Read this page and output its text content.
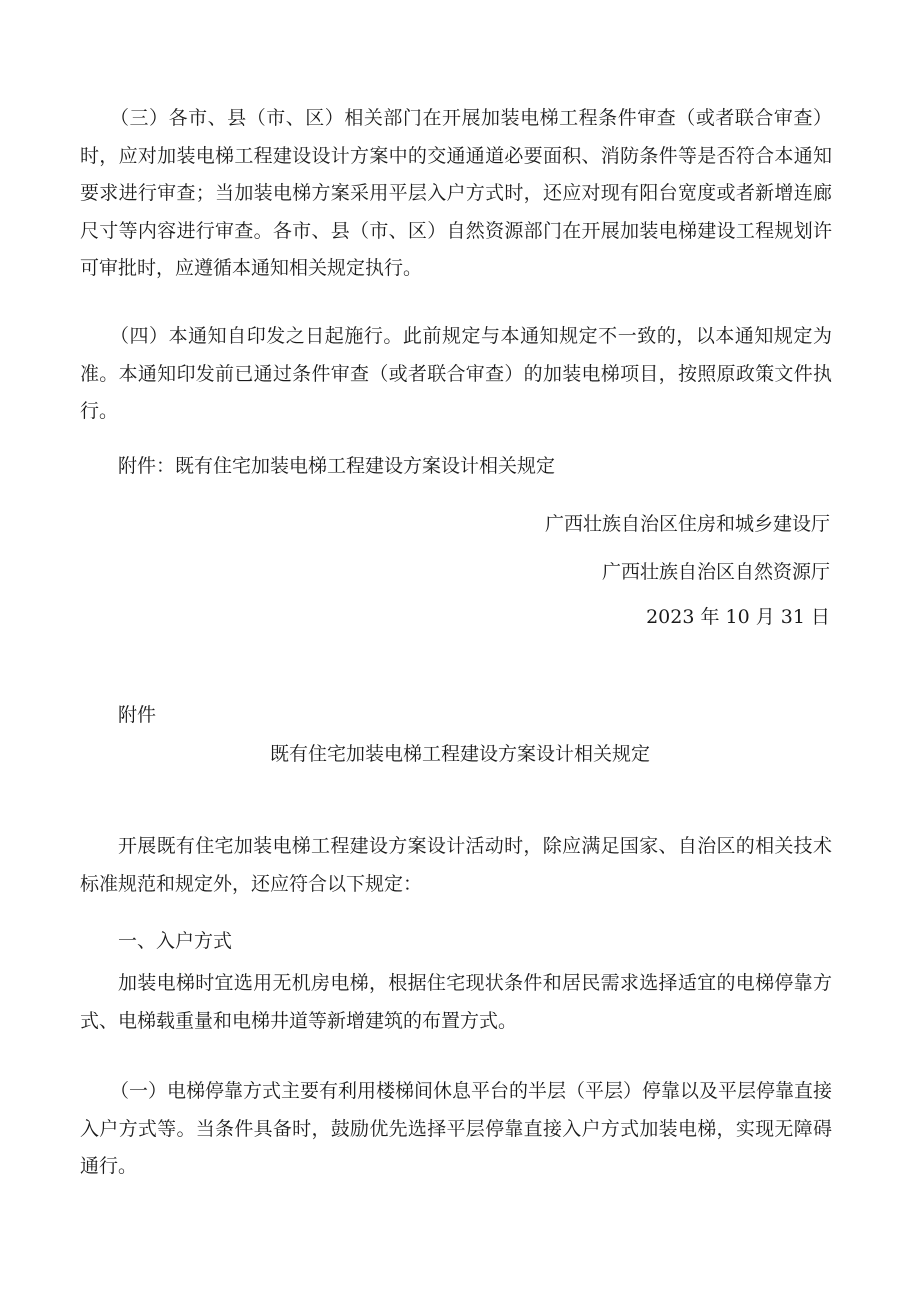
（三）各市、县（市、区）相关部门在开展加装电梯工程条件审查（或者联合审查）时，应对加装电梯工程建设设计方案中的交通通道必要面积、消防条件等是否符合本通知要求进行审查；当加装电梯方案采用平层入户方式时，还应对现有阳台宽度或者新增连廊尺寸等内容进行审查。各市、县（市、区）自然资源部门在开展加装电梯建设工程规划许可审批时，应遵循本通知相关规定执行。

（四）本通知自印发之日起施行。此前规定与本通知规定不一致的，以本通知规定为准。本通知印发前已通过条件审查（或者联合审查）的加装电梯项目，按照原政策文件执行。

附件：既有住宅加装电梯工程建设方案设计相关规定

广西壮族自治区住房和城乡建设厅

广西壮族自治区自然资源厅

2023 年 10 月 31 日

附件

既有住宅加装电梯工程建设方案设计相关规定

开展既有住宅加装电梯工程建设方案设计活动时，除应满足国家、自治区的相关技术标准规范和规定外，还应符合以下规定：

一、入户方式

加装电梯时宜选用无机房电梯，根据住宅现状条件和居民需求选择适宜的电梯停靠方式、电梯载重量和电梯井道等新增建筑的布置方式。

（一）电梯停靠方式主要有利用楼梯间休息平台的半层（平层）停靠以及平层停靠直接入户方式等。当条件具备时，鼓励优先选择平层停靠直接入户方式加装电梯，实现无障碍通行。
